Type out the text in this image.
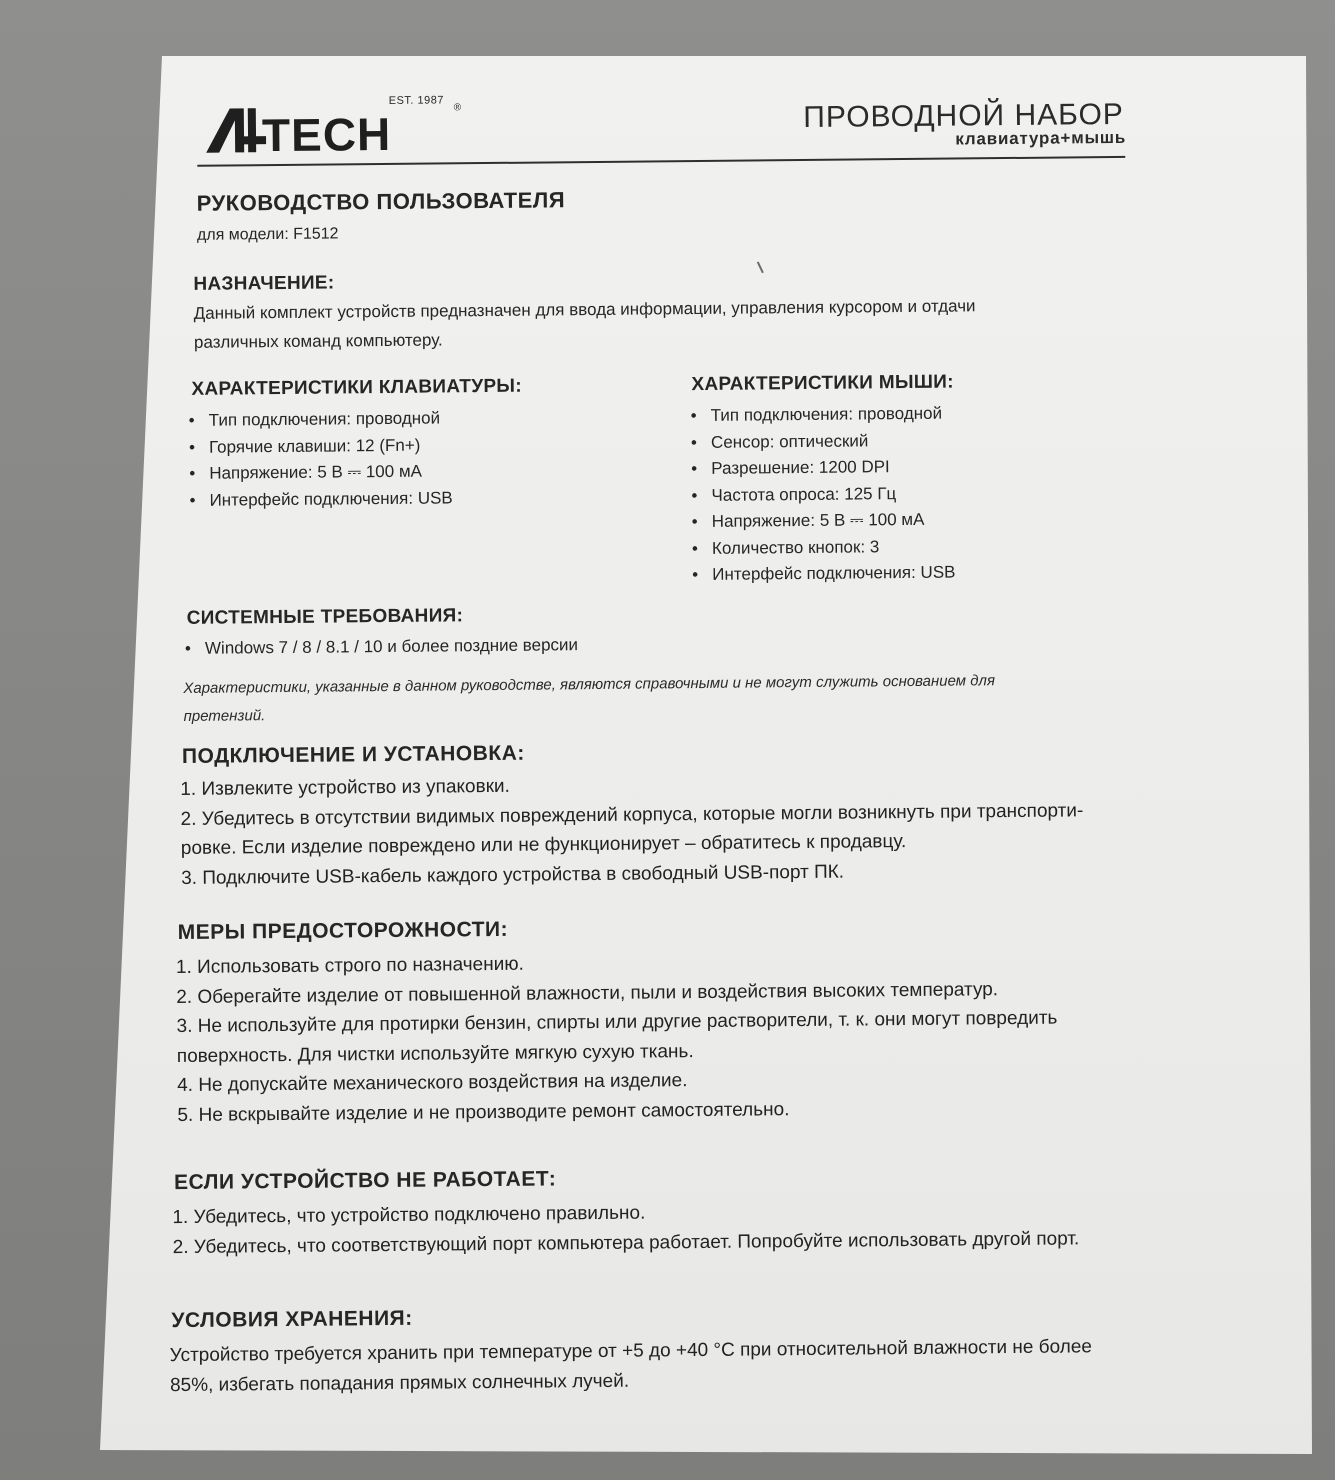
TECH
EST. 1987
®	ПРОВОДНОЙ НАБОР
клавиатура+мышь
РУКОВОДСТВО ПОЛЬЗОВАТЕЛЯ
для модели: F1512
НАЗНАЧЕНИЕ:
Данный комплект устройств предназначен для ввода информации, управления курсором и отдачи
различных команд компьютеру.
ХАРАКТЕРИСТИКИ КЛАВИАТУРЫ:
• Тип подключения: проводной
• Горячие клавиши: 12 (Fn+)
• Напряжение: 5 В ⎓ 100 мА
• Интерфейс подключения: USB
ХАРАКТЕРИСТИКИ МЫШИ:
• Тип подключения: проводной
• Сенсор: оптический
• Разрешение: 1200 DPI
• Частота опроса: 125 Гц
• Напряжение: 5 В ⎓ 100 мА
• Количество кнопок: 3
• Интерфейс подключения: USB
СИСТЕМНЫЕ ТРЕБОВАНИЯ:
• Windows 7 / 8 / 8.1 / 10 и более поздние версии
Характеристики, указанные в данном руководстве, являются справочными и не могут служить основанием для
претензий.
ПОДКЛЮЧЕНИЕ И УСТАНОВКА:
1. Извлеките устройство из упаковки.
2. Убедитесь в отсутствии видимых повреждений корпуса, которые могли возникнуть при транспорти-
ровке. Если изделие повреждено или не функционирует – обратитесь к продавцу.
3. Подключите USB-кабель каждого устройства в свободный USB-порт ПК.
МЕРЫ ПРЕДОСТОРОЖНОСТИ:
1. Использовать строго по назначению.
2. Оберегайте изделие от повышенной влажности, пыли и воздействия высоких температур.
3. Не используйте для протирки бензин, спирты или другие растворители, т. к. они могут повредить
поверхность. Для чистки используйте мягкую сухую ткань.
4. Не допускайте механического воздействия на изделие.
5. Не вскрывайте изделие и не производите ремонт самостоятельно.
ЕСЛИ УСТРОЙСТВО НЕ РАБОТАЕТ:
1. Убедитесь, что устройство подключено правильно.
2. Убедитесь, что соответствующий порт компьютера работает. Попробуйте использовать другой порт.
УСЛОВИЯ ХРАНЕНИЯ:
Устройство требуется хранить при температуре от +5 до +40 °С при относительной влажности не более
85%, избегать попадания прямых солнечных лучей.
